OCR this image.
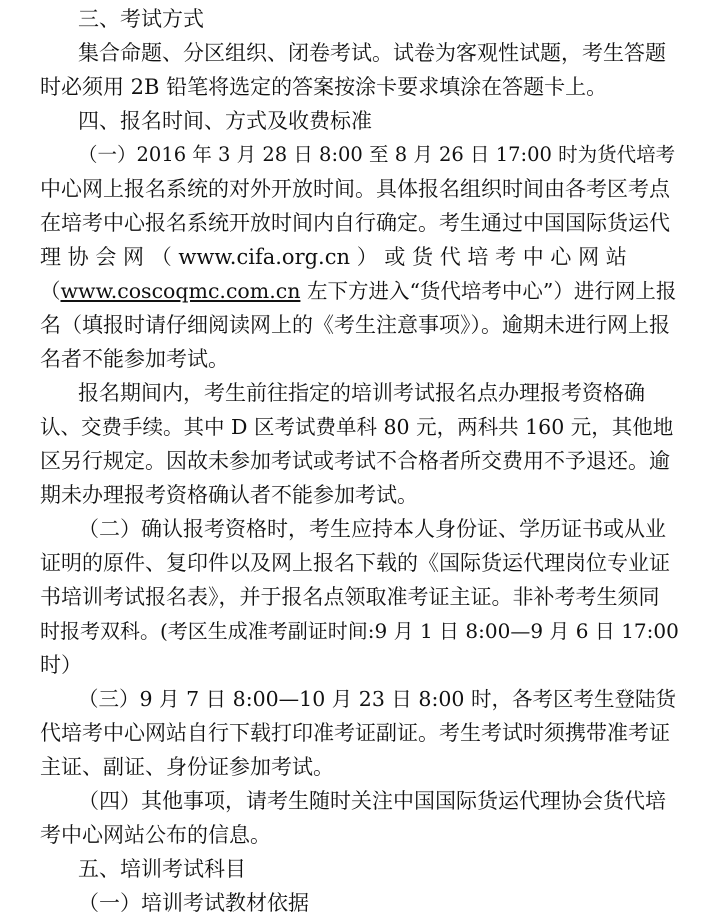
三、考试方式
集合命题、分区组织、闭卷考试。试卷为客观性试题，考生答题
时必须用 2B 铅笔将选定的答案按涂卡要求填涂在答题卡上。
四、报名时间、方式及收费标准
（一）2016 年 3 月 28 日 8:00 至 8 月 26 日 17:00 时为货代培考
中心网上报名系统的对外开放时间。具体报名组织时间由各考区考点
在培考中心报名系统开放时间内自行确定。考生通过中国国际货运代
理 协 会 网 （ www.cifa.org.cn ） 或 货 代 培 考 中 心 网 站
（www.coscoqmc.com.cn 左下方进入“货代培考中心”）进行网上报
名（填报时请仔细阅读网上的《考生注意事项》）。逾期未进行网上报
名者不能参加考试。
报名期间内，考生前往指定的培训考试报名点办理报考资格确
认、交费手续。其中 D 区考试费单科 80 元，两科共 160 元，其他地
区另行规定。因故未参加考试或考试不合格者所交费用不予退还。逾
期未办理报考资格确认者不能参加考试。
（二）确认报考资格时，考生应持本人身份证、学历证书或从业
证明的原件、复印件以及网上报名下载的《国际货运代理岗位专业证
书培训考试报名表》，并于报名点领取准考证主证。非补考考生须同
时报考双科。(考区生成准考副证时间:9 月 1 日 8:00—9 月 6 日 17:00
时）
（三）9 月 7 日 8:00—10 月 23 日 8:00 时，各考区考生登陆货
代培考中心网站自行下载打印准考证副证。考生考试时须携带准考证
主证、副证、身份证参加考试。
（四）其他事项，请考生随时关注中国国际货运代理协会货代培
考中心网站公布的信息。
五、培训考试科目
（一）培训考试教材依据
